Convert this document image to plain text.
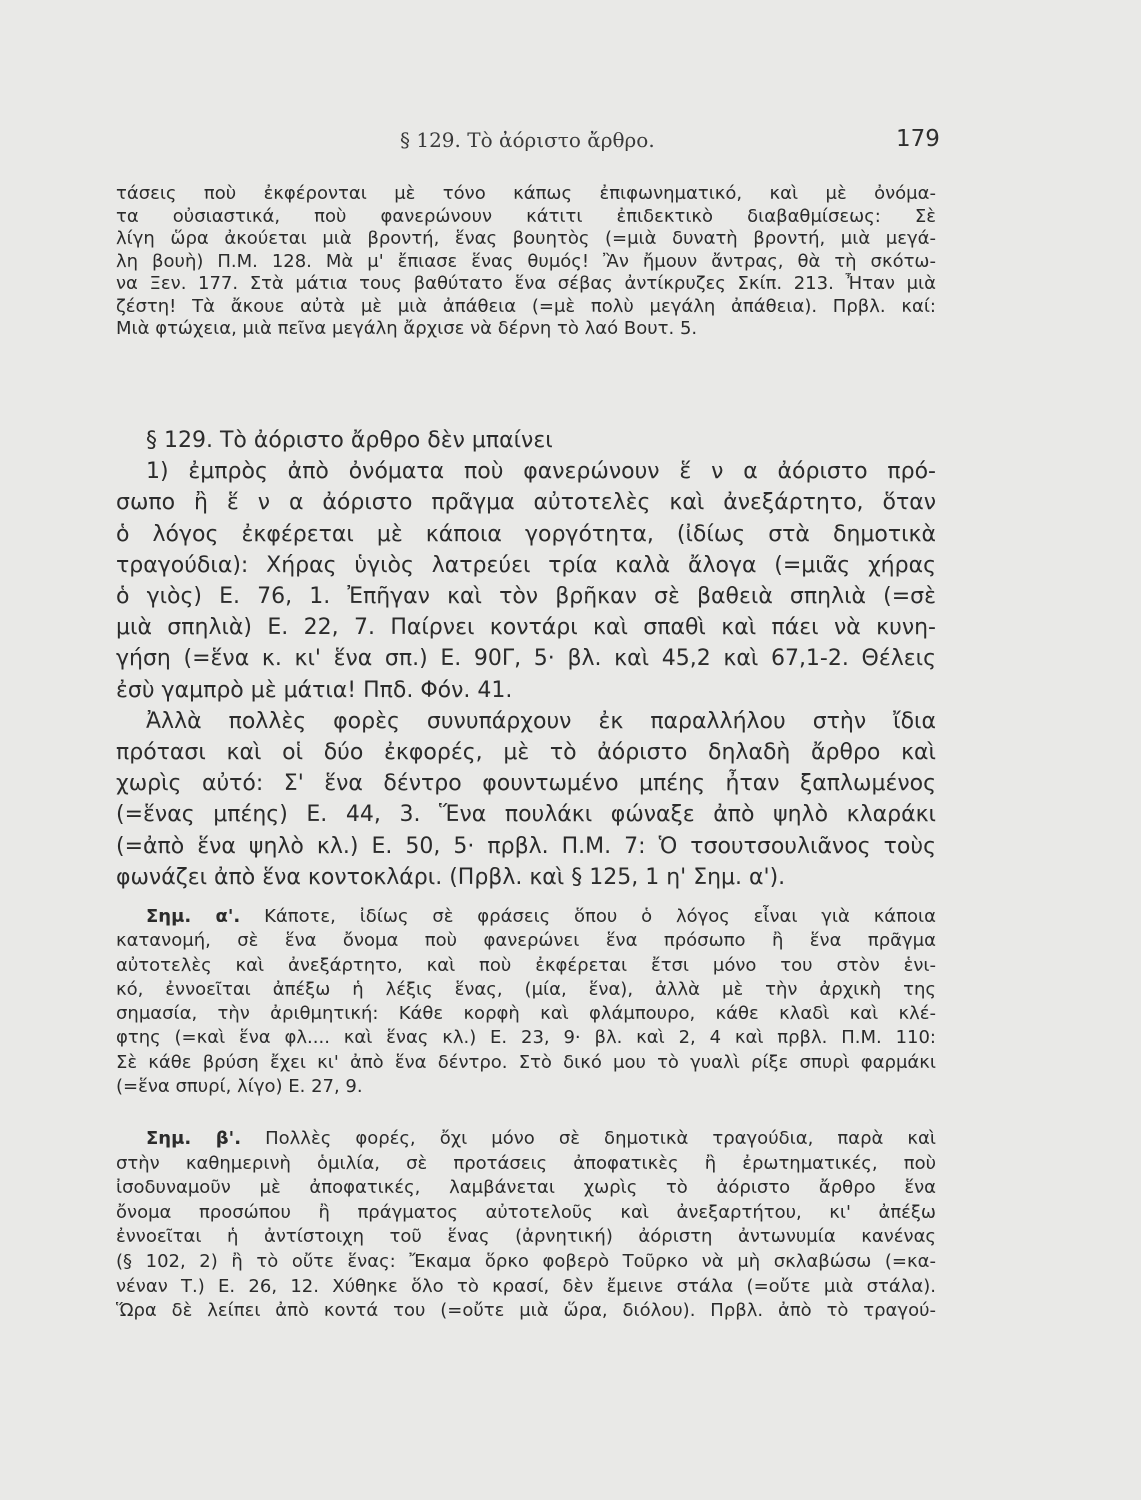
§ 129. Τὸ ἀόριστο ἄρθρο.	179
τάσεις ποὺ ἐκφέρονται μὲ τόνο κάπως ἐπιφωνηματικό, καὶ μὲ ὀνόμα-
τα οὐσιαστικά, ποὺ φανερώνουν κάτιτι ἐπιδεκτικὸ διαβαθμίσεως: Σὲ
λίγη ὥρα ἀκούεται μιὰ βροντή, ἕνας βουητὸς (=μιὰ δυνατὴ βροντή, μιὰ μεγά-
λη βουὴ) Π.Μ. 128. Μὰ μ' ἔπιασε ἕνας θυμός! Ἂν ἤμουν ἄντρας, θὰ τὴ σκότω-
να Ξεν. 177. Στὰ μάτια τους βαθύτατο ἕνα σέβας ἀντίκρυζες Σκίπ. 213. Ἦταν μιὰ
ζέστη! Τὰ ἄκουε αὐτὰ μὲ μιὰ ἀπάθεια (=μὲ πολὺ μεγάλη ἀπάθεια). Πρβλ. καί:
Μιὰ φτώχεια, μιὰ πεῖνα μεγάλη ἄρχισε νὰ δέρνη τὸ λαό Βουτ. 5.
§ 129. Τὸ ἀόριστο ἄρθρο δὲν μπαίνει
1) ἐμπρὸς ἀπὸ ὀνόματα ποὺ φανερώνουν ἕ ν α ἀόριστο πρό-
σωπο ἢ ἕ ν α ἀόριστο πρᾶγμα αὐτοτελὲς καὶ ἀνεξάρτητο, ὅταν
ὁ λόγος ἐκφέρεται μὲ κάποια γοργότητα, (ἰδίως στὰ δημοτικὰ
τραγούδια): Χήρας ὑγιὸς λατρεύει τρία καλὰ ἄλογα (=μιᾶς χήρας
ὁ γιὸς) Ε. 76, 1. Ἐπῆγαν καὶ τὸν βρῆκαν σὲ βαθειὰ σπηλιὰ (=σὲ
μιὰ σπηλιὰ) Ε. 22, 7. Παίρνει κοντάρι καὶ σπαθὶ καὶ πάει νὰ κυνη-
γήση (=ἕνα κ. κι' ἕνα σπ.) Ε. 90Γ, 5· βλ. καὶ 45,2 καὶ 67,1-2. Θέλεις
ἐσὺ γαμπρὸ μὲ μάτια! Ππδ. Φόν. 41.
Ἀλλὰ πολλὲς φορὲς συνυπάρχουν ἐκ παραλλήλου στὴν ἴδια
πρότασι καὶ οἱ δύο ἐκφορές, μὲ τὸ ἀόριστο δηλαδὴ ἄρθρο καὶ
χωρὶς αὐτό: Σ' ἕνα δέντρο φουντωμένο μπέης ἦταν ξαπλωμένος
(=ἕνας μπέης) Ε. 44, 3. Ἕνα πουλάκι φώναξε ἀπὸ ψηλὸ κλαράκι
(=ἀπὸ ἕνα ψηλὸ κλ.) Ε. 50, 5· πρβλ. Π.Μ. 7: Ὁ τσουτσουλιᾶνος τοὺς
φωνάζει ἀπὸ ἕνα κοντοκλάρι. (Πρβλ. καὶ § 125, 1 η' Σημ. α').
Σημ. α'. Κάποτε, ἰδίως σὲ φράσεις ὅπου ὁ λόγος εἶναι γιὰ κάποια
κατανομή, σὲ ἕνα ὄνομα ποὺ φανερώνει ἕνα πρόσωπο ἢ ἕνα πρᾶγμα
αὐτοτελὲς καὶ ἀνεξάρτητο, καὶ ποὺ ἐκφέρεται ἔτσι μόνο του στὸν ἑνι-
κό, ἐννοεῖται ἀπέξω ἡ λέξις ἕνας, (μία, ἕνα), ἀλλὰ μὲ τὴν ἀρχικὴ της
σημασία, τὴν ἀριθμητική: Κάθε κορφὴ καὶ φλάμπουρο, κάθε κλαδὶ καὶ κλέ-
φτης (=καὶ ἕνα φλ.... καὶ ἕνας κλ.) Ε. 23, 9· βλ. καὶ 2, 4 καὶ πρβλ. Π.Μ. 110:
Σὲ κάθε βρύση ἔχει κι' ἀπὸ ἕνα δέντρο. Στὸ δικό μου τὸ γυαλὶ ρίξε σπυρὶ φαρμάκι
(=ἕνα σπυρί, λίγο) Ε. 27, 9.
Σημ. β'. Πολλὲς φορές, ὄχι μόνο σὲ δημοτικὰ τραγούδια, παρὰ καὶ
στὴν καθημερινὴ ὁμιλία, σὲ προτάσεις ἀποφατικὲς ἢ ἐρωτηματικές, ποὺ
ἰσοδυναμοῦν μὲ ἀποφατικές, λαμβάνεται χωρὶς τὸ ἀόριστο ἄρθρο ἕνα
ὄνομα προσώπου ἢ πράγματος αὐτοτελοῦς καὶ ἀνεξαρτήτου, κι' ἀπέξω
ἐννοεῖται ἡ ἀντίστοιχη τοῦ ἕνας (ἀρνητική) ἀόριστη ἀντωνυμία κανένας
(§ 102, 2) ἢ τὸ οὔτε ἕνας: Ἔκαμα ὅρκο φοβερὸ Τοῦρκο νὰ μὴ σκλαβώσω (=κα-
νέναν Τ.) Ε. 26, 12. Χύθηκε ὅλο τὸ κρασί, δὲν ἔμεινε στάλα (=οὔτε μιὰ στάλα).
Ὥρα δὲ λείπει ἀπὸ κοντά του (=οὔτε μιὰ ὥρα, διόλου). Πρβλ. ἀπὸ τὸ τραγού-
